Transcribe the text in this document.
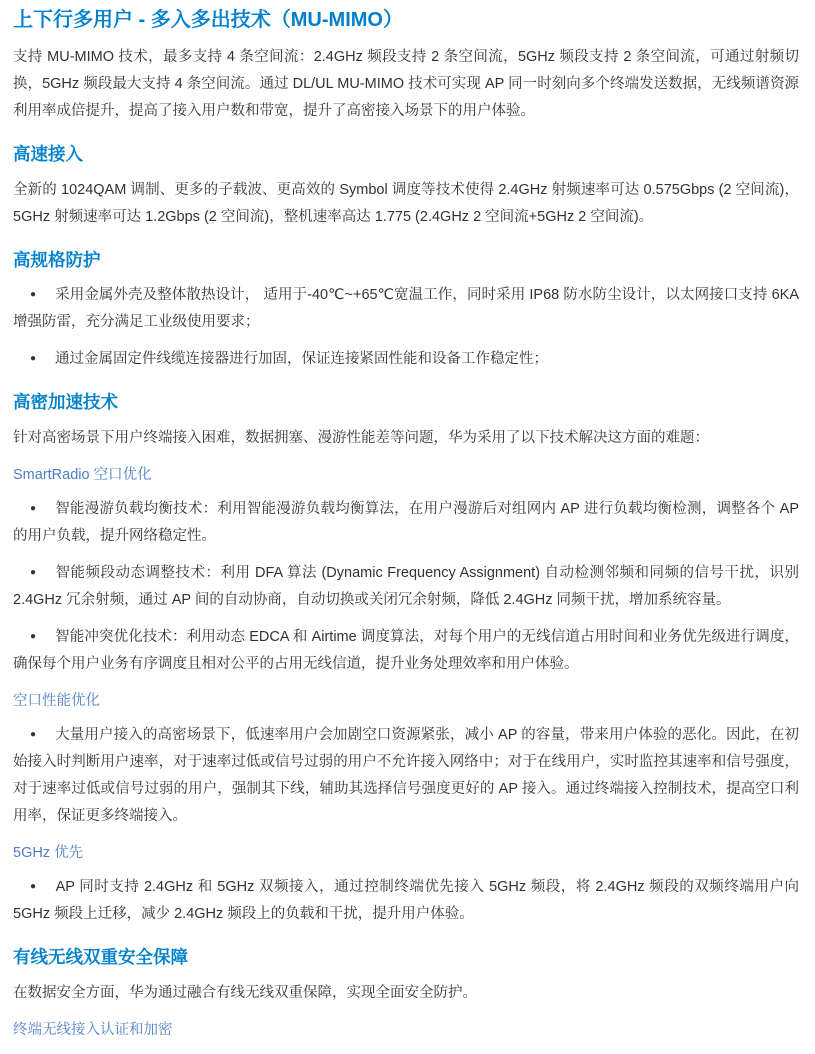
上下行多用户 - 多入多出技术（MU-MIMO）

支持 MU-MIMO 技术，最多支持 4 条空间流：2.4GHz 频段支持 2 条空间流，5GHz 频段支持 2 条空间流，可通过射频切换，5GHz 频段最大支持 4 条空间流。通过 DL/UL MU-MIMO 技术可实现 AP 同一时刻向多个终端发送数据，无线频谱资源利用率成倍提升，提高了接入用户数和带宽，提升了高密接入场景下的用户体验。

高速接入

全新的 1024QAM 调制、更多的子载波、更高效的 Symbol 调度等技术使得 2.4GHz 射频速率可达 0.575Gbps (2 空间流)，5GHz 射频速率可达 1.2Gbps (2 空间流)，整机速率高达 1.775 (2.4GHz 2 空间流+5GHz 2 空间流)。

高规格防护

● 采用金属外壳及整体散热设计， 适用于-40℃~+65℃宽温工作，同时采用 IP68 防水防尘设计，以太网接口支持 6KA 增强防雷，充分满足工业级使用要求；

● 通过金属固定件线缆连接器进行加固，保证连接紧固性能和设备工作稳定性；

高密加速技术

针对高密场景下用户终端接入困难，数据拥塞、漫游性能差等问题，华为采用了以下技术解决这方面的难题：

SmartRadio 空口优化

● 智能漫游负载均衡技术：利用智能漫游负载均衡算法，在用户漫游后对组网内 AP 进行负载均衡检测，调整各个 AP 的用户负载，提升网络稳定性。

● 智能频段动态调整技术：利用 DFA 算法 (Dynamic Frequency Assignment) 自动检测邻频和同频的信号干扰，识别 2.4GHz 冗余射频，通过 AP 间的自动协商，自动切换或关闭冗余射频，降低 2.4GHz 同频干扰，增加系统容量。

● 智能冲突优化技术：利用动态 EDCA 和 Airtime 调度算法，对每个用户的无线信道占用时间和业务优先级进行调度，确保每个用户业务有序调度且相对公平的占用无线信道，提升业务处理效率和用户体验。

空口性能优化

● 大量用户接入的高密场景下，低速率用户会加剧空口资源紧张，减小 AP 的容量，带来用户体验的恶化。因此，在初始接入时判断用户速率，对于速率过低或信号过弱的用户不允许接入网络中；对于在线用户，实时监控其速率和信号强度， 对于速率过低或信号过弱的用户，强制其下线，辅助其选择信号强度更好的 AP 接入。通过终端接入控制技术，提高空口利用率，保证更多终端接入。

5GHz 优先

● AP 同时支持 2.4GHz 和 5GHz 双频接入，通过控制终端优先接入 5GHz 频段，将 2.4GHz 频段的双频终端用户向 5GHz 频段上迁移，减少 2.4GHz 频段上的负载和干扰，提升用户体验。

有线无线双重安全保障

在数据安全方面，华为通过融合有线无线双重保障，实现全面安全防护。

终端无线接入认证和加密
